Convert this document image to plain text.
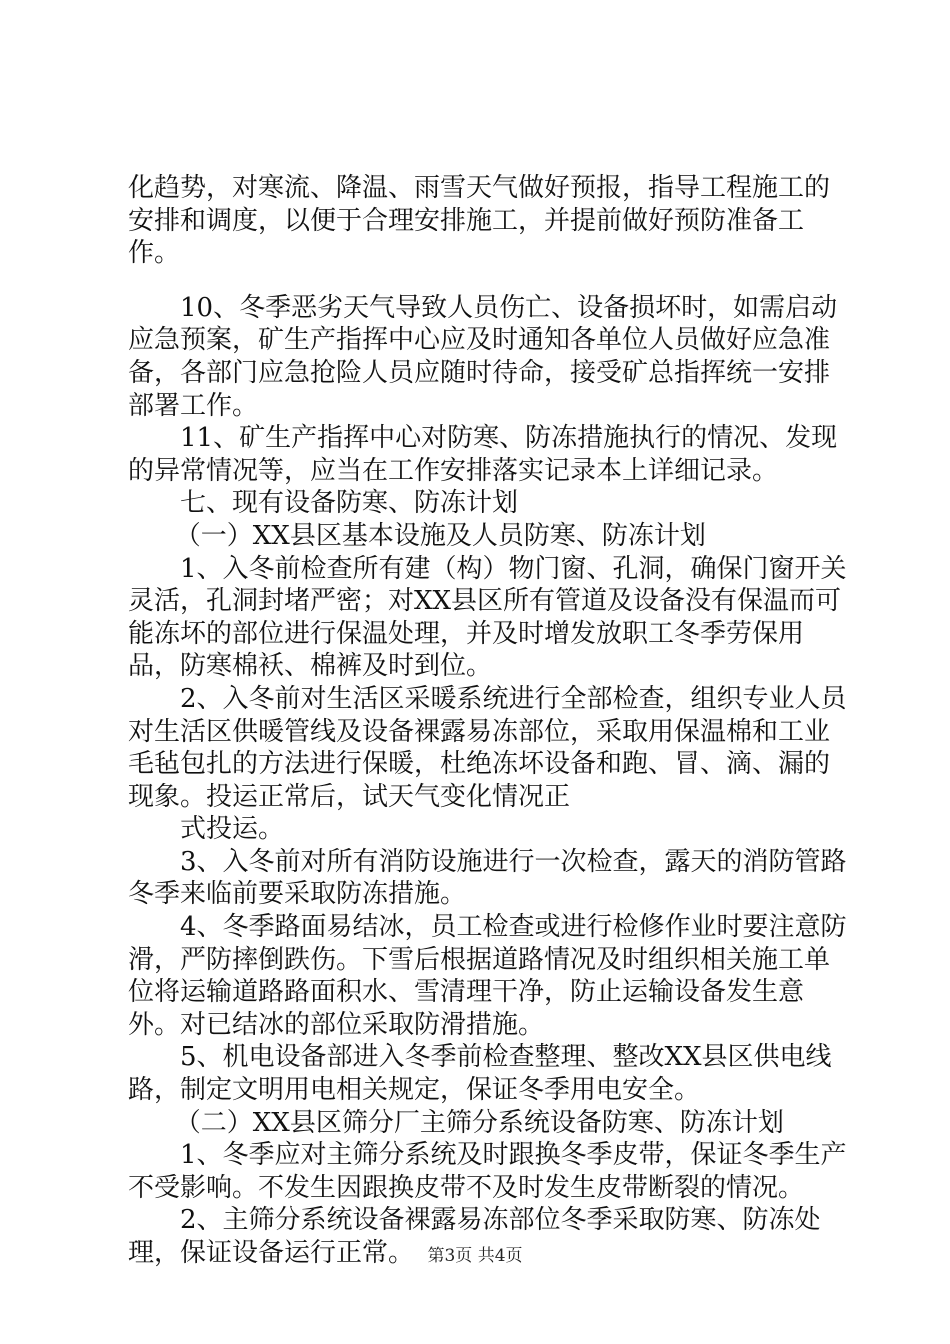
化趋势，对寒流、降温、雨雪天气做好预报，指导工程施工的安排和调度，以便于合理安排施工，并提前做好预防准备工作。

10、冬季恶劣天气导致人员伤亡、设备损坏时，如需启动应急预案，矿生产指挥中心应及时通知各单位人员做好应急准备，各部门应急抢险人员应随时待命，接受矿总指挥统一安排部署工作。

11、矿生产指挥中心对防寒、防冻措施执行的情况、发现的异常情况等，应当在工作安排落实记录本上详细记录。

七、现有设备防寒、防冻计划

（一）XX县区基本设施及人员防寒、防冻计划

1、入冬前检查所有建（构）物门窗、孔洞，确保门窗开关灵活，孔洞封堵严密；对XX县区所有管道及设备没有保温而可能冻坏的部位进行保温处理，并及时增发放职工冬季劳保用品，防寒棉袄、棉裤及时到位。

2、入冬前对生活区采暖系统进行全部检查，组织专业人员对生活区供暖管线及设备裸露易冻部位，采取用保温棉和工业毛毡包扎的方法进行保暖，杜绝冻坏设备和跑、冒、滴、漏的现象。投运正常后，试天气变化情况正

式投运。

3、入冬前对所有消防设施进行一次检查，露天的消防管路冬季来临前要采取防冻措施。

4、冬季路面易结冰，员工检查或进行检修作业时要注意防滑，严防摔倒跌伤。下雪后根据道路情况及时组织相关施工单位将运输道路路面积水、雪清理干净，防止运输设备发生意外。对已结冰的部位采取防滑措施。

5、机电设备部进入冬季前检查整理、整改XX县区供电线路，制定文明用电相关规定，保证冬季用电安全。

（二）XX县区筛分厂主筛分系统设备防寒、防冻计划

1、冬季应对主筛分系统及时跟换冬季皮带，保证冬季生产不受影响。不发生因跟换皮带不及时发生皮带断裂的情况。

2、主筛分系统设备裸露易冻部位冬季采取防寒、防冻处理，保证设备运行正常。 第3页 共4页
